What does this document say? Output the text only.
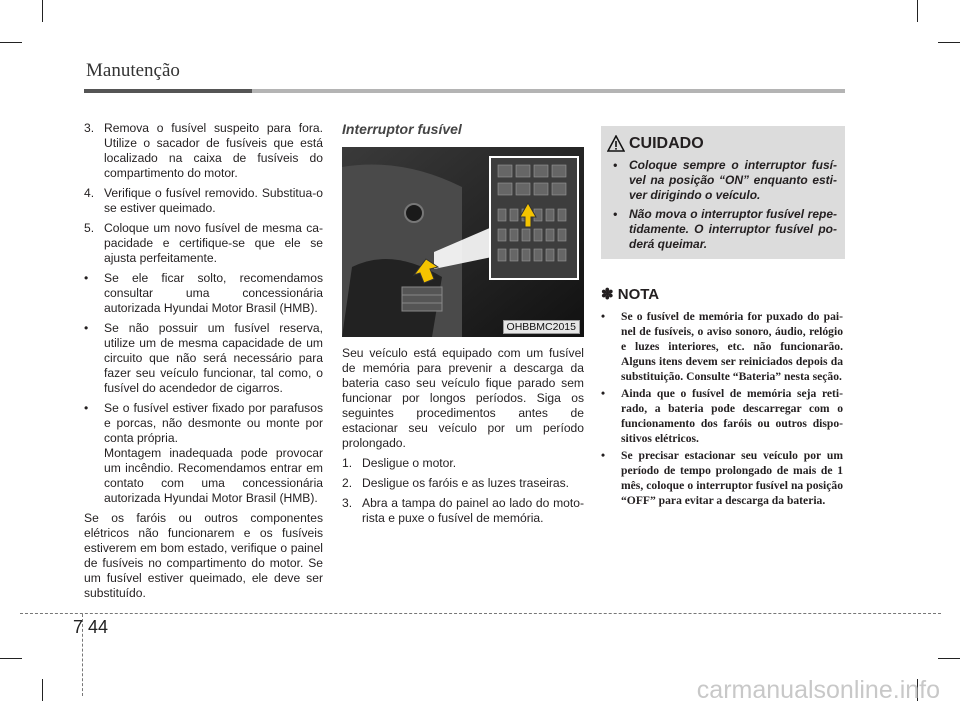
Manutenção
3. Remova o fusível suspeito para fora. Utilize o sacador de fusíveis que está localizado na caixa de fusíveis do compartimento do motor.
4. Verifique o fusível removido. Substitua-o se estiver queimado.
5. Coloque um novo fusível de mesma capacidade e certifique-se que ele se ajusta perfeitamente.
• Se ele ficar solto, recomendamos consultar uma concessionária autorizada Hyundai Motor Brasil (HMB).
• Se não possuir um fusível reserva, utilize um de mesma capacidade de um circuito que não será necessário para fazer seu veículo funcionar, tal como, o fusível do acendedor de cigarros.
• Se o fusível estiver fixado por parafusos e porcas, não desmonte ou monte por conta própria.
Montagem inadequada pode provocar um incêndio. Recomendamos entrar em contato com uma concessionária autorizada Hyundai Motor Brasil (HMB).

Se os faróis ou outros componentes elétricos não funcionarem e os fusíveis estiverem em bom estado, verifique o painel de fusíveis no compartimento do motor. Se um fusível estiver queimado, ele deve ser substituído.

Interruptor fusível
OHBBMC2015

Seu veículo está equipado com um fusível de memória para prevenir a descarga da bateria caso seu veículo fique parado sem funcionar por longos períodos. Siga os seguintes procedimentos antes de estacionar seu veículo por um período prolongado.

1. Desligue o motor.
2. Desligue os faróis e as luzes traseiras.
3. Abra a tampa do painel ao lado do motorista e puxe o fusível de memória.
CUIDADO
• Coloque sempre o interruptor fusível na posição “ON” enquanto estiver dirigindo o veículo.
• Não mova o interruptor fusível repetidamente. O interruptor fusível poderá queimar.
✽ NOTA
• Se o fusível de memória for puxado do painel de fusíveis, o aviso sonoro, áudio, relógio e luzes interiores, etc. não funcionarão. Alguns itens devem ser reiniciados depois da substituição. Consulte “Bateria” nesta seção.
• Ainda que o fusível de memória seja retirado, a bateria pode descarregar com o funcionamento dos faróis ou outros dispositivos elétricos.
• Se precisar estacionar seu veículo por um período de tempo prolongado de mais de 1 mês, coloque o interruptor fusível na posição “OFF” para evitar a descarga da bateria.
7 44
carmanualsonline.info
